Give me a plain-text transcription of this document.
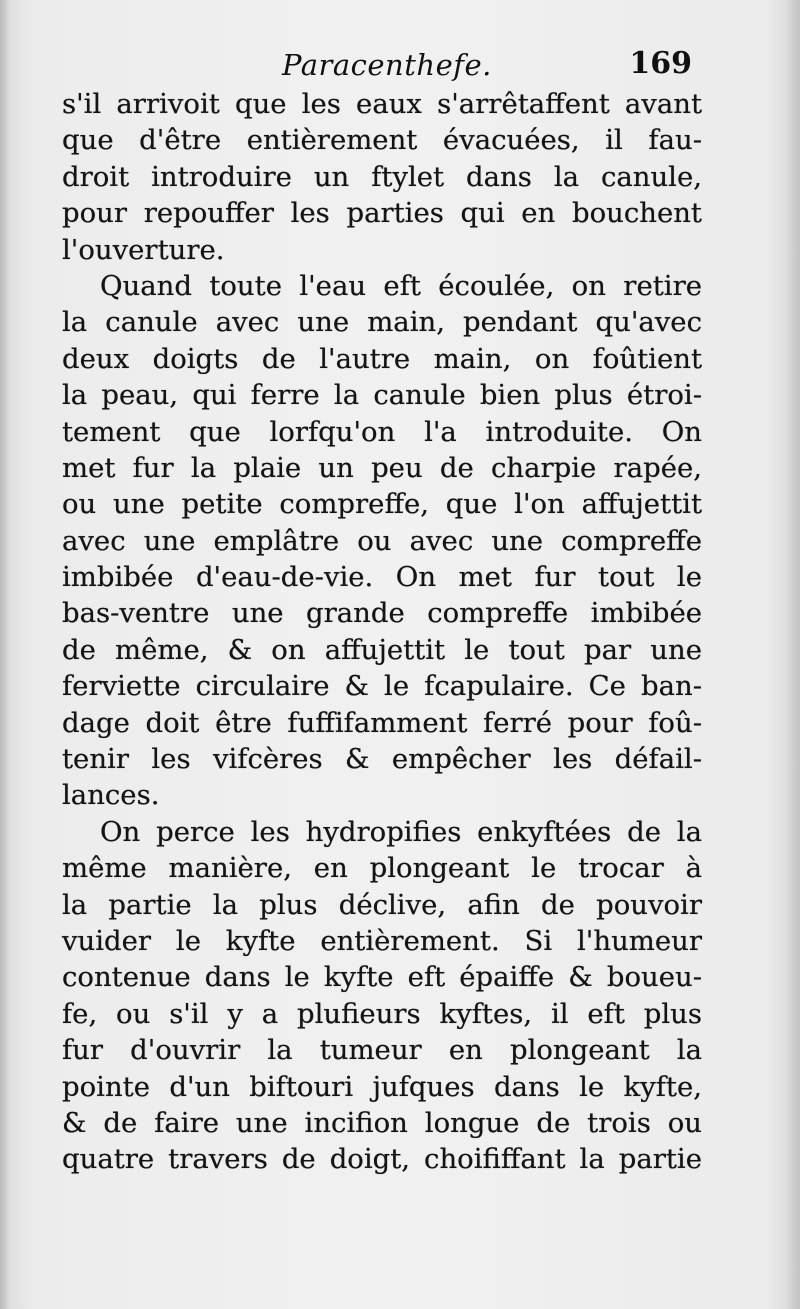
Paracenthefe.	169
s'il arrivoit que les eaux s'arrêtaffent avant
que d'être entièrement évacuées, il fau-
droit introduire un ftylet dans la canule,
pour repouffer les parties qui en bouchent
l'ouverture.
Quand toute l'eau eft écoulée, on retire
la canule avec une main, pendant qu'avec
deux doigts de l'autre main, on foûtient
la peau, qui ferre la canule bien plus étroi-
tement que lorfqu'on l'a introduite. On
met fur la plaie un peu de charpie rapée,
ou une petite compreffe, que l'on affujettit
avec une emplâtre ou avec une compreffe
imbibée d'eau-de-vie. On met fur tout le
bas-ventre une grande compreffe imbibée
de même, & on affujettit le tout par une
ferviette circulaire & le fcapulaire. Ce ban-
dage doit être fuffifamment ferré pour foû-
tenir les vifcères & empêcher les défail-
lances.
On perce les hydropifies enkyftées de la
même manière, en plongeant le trocar à
la partie la plus déclive, afin de pouvoir
vuider le kyfte entièrement. Si l'humeur
contenue dans le kyfte eft épaiffe & boueu-
fe, ou s'il y a plufieurs kyftes, il eft plus
fur d'ouvrir la tumeur en plongeant la
pointe d'un biftouri jufques dans le kyfte,
& de faire une incifion longue de trois ou
quatre travers de doigt, choififfant la partie
